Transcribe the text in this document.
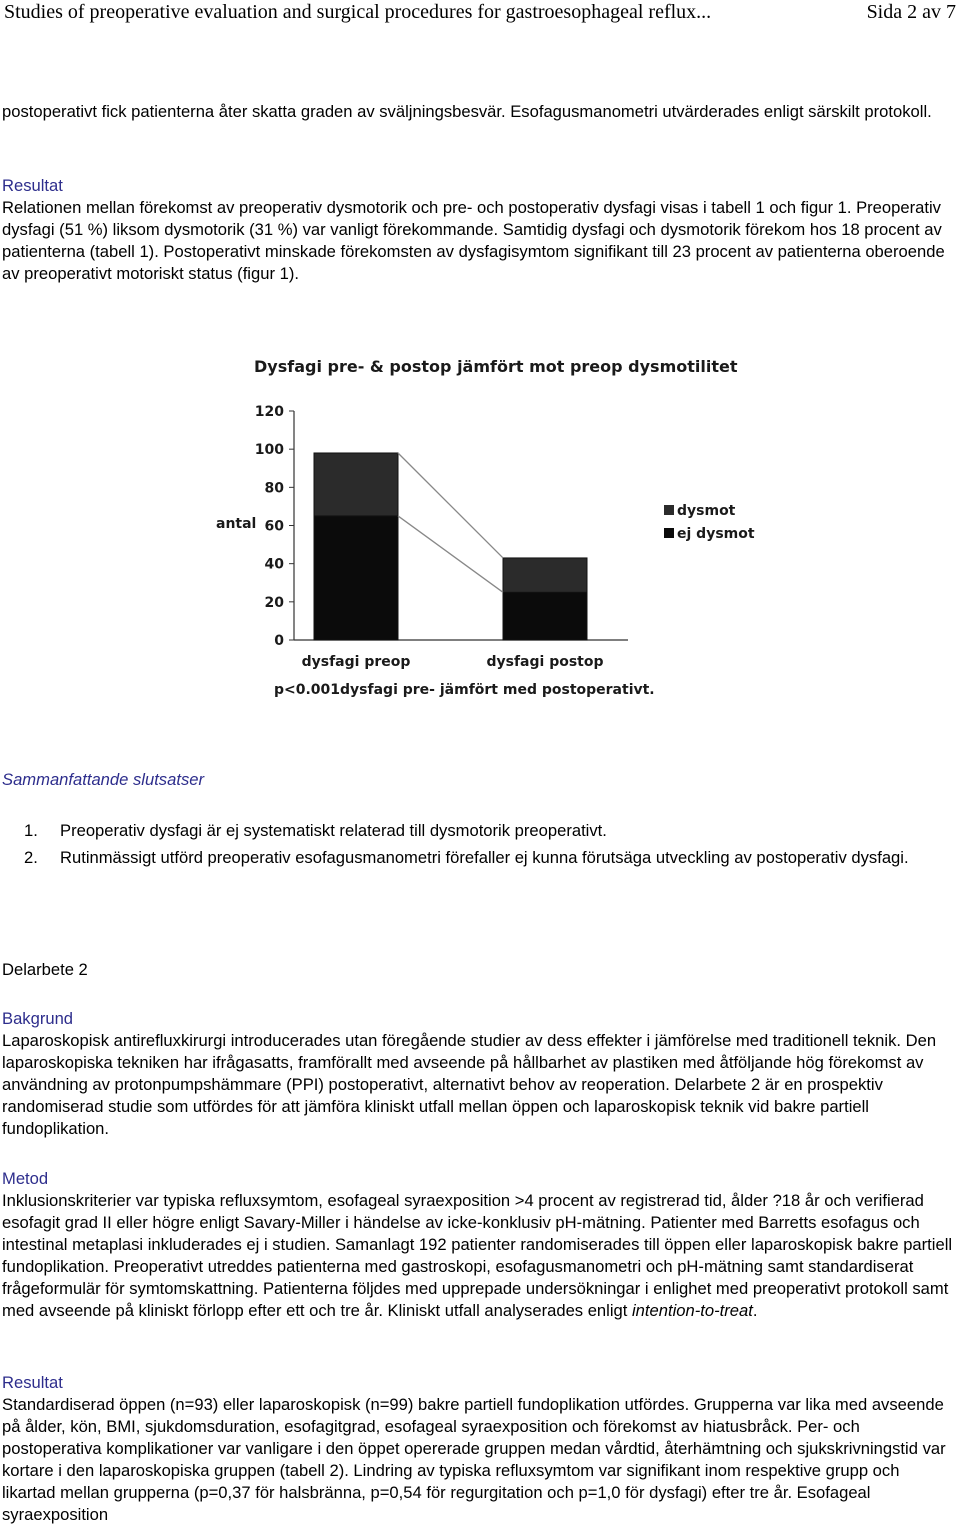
Studies of preoperative evaluation and surgical procedures for gastroesophageal reflux...	Sida 2 av 7

postoperativt fick patienterna åter skatta graden av sväljningsbesvär. Esofagusmanometri utvärderades enligt särskilt protokoll.

Resultat

Relationen mellan förekomst av preoperativ dysmotorik och pre- och postoperativ dysfagi visas i tabell 1 och figur 1. Preoperativ dysfagi (51 %) liksom dysmotorik (31 %) var vanligt förekommande. Samtidig dysfagi och dysmotorik förekom hos 18 procent av patienterna (tabell 1). Postoperativt minskade förekomsten av dysfagisymtom signifikant till 23 procent av patienterna oberoende av preoperativt motoriskt status (figur 1).

Dysfagi pre- & postop jämfört mot preop dysmotilitet
antal
0
20
40
60
80
100
120
dysfagi preop	dysfagi postop
dysmot
ej dysmot
p<0.001dysfagi pre- jämfört med postoperativt.
Sammanfattande slutsatser
1. Preoperativ dysfagi är ej systematiskt relaterad till dysmotorik preoperativt.
2. Rutinmässigt utförd preoperativ esofagusmanometri förefaller ej kunna förutsäga utveckling av postoperativ dysfagi.
Delarbete 2
Bakgrund

Laparoskopisk antirefluxkirurgi introducerades utan föregående studier av dess effekter i jämförelse med traditionell teknik. Den laparoskopiska tekniken har ifrågasatts, framförallt med avseende på hållbarhet av plastiken med åtföljande hög förekomst av användning av protonpumpshämmare (PPI) postoperativt, alternativt behov av reoperation. Delarbete 2 är en prospektiv randomiserad studie som utfördes för att jämföra kliniskt utfall mellan öppen och laparoskopisk teknik vid bakre partiell fundoplikation.

Metod

Inklusionskriterier var typiska refluxsymtom, esofageal syraexposition >4 procent av registrerad tid, ålder ?18 år och verifierad esofagit grad II eller högre enligt Savary-Miller i händelse av icke-konklusiv pH-mätning. Patienter med Barretts esofagus och intestinal metaplasi inkluderades ej i studien. Samanlagt 192 patienter randomiserades till öppen eller laparoskopisk bakre partiell fundoplikation. Preoperativt utreddes patienterna med gastroskopi, esofagusmanometri och pH-mätning samt standardiserat frågeformulär för symtomskattning. Patienterna följdes med upprepade undersökningar i enlighet med preoperativt protokoll samt med avseende på kliniskt förlopp efter ett och tre år. Kliniskt utfall analyserades enligt intention-to-treat.

Resultat

Standardiserad öppen (n=93) eller laparoskopisk (n=99) bakre partiell fundoplikation utfördes. Grupperna var lika med avseende på ålder, kön, BMI, sjukdomsduration, esofagitgrad, esofageal syraexposition och förekomst av hiatusbråck. Per- och postoperativa komplikationer var vanligare i den öppet opererade gruppen medan vårdtid, återhämtning och sjukskrivningstid var kortare i den laparoskopiska gruppen (tabell 2). Lindring av typiska refluxsymtom var signifikant inom respektive grupp och likartad mellan grupperna (p=0,37 för halsbränna, p=0,54 för regurgitation och p=1,0 för dysfagi) efter tre år. Esofageal syraexposition
